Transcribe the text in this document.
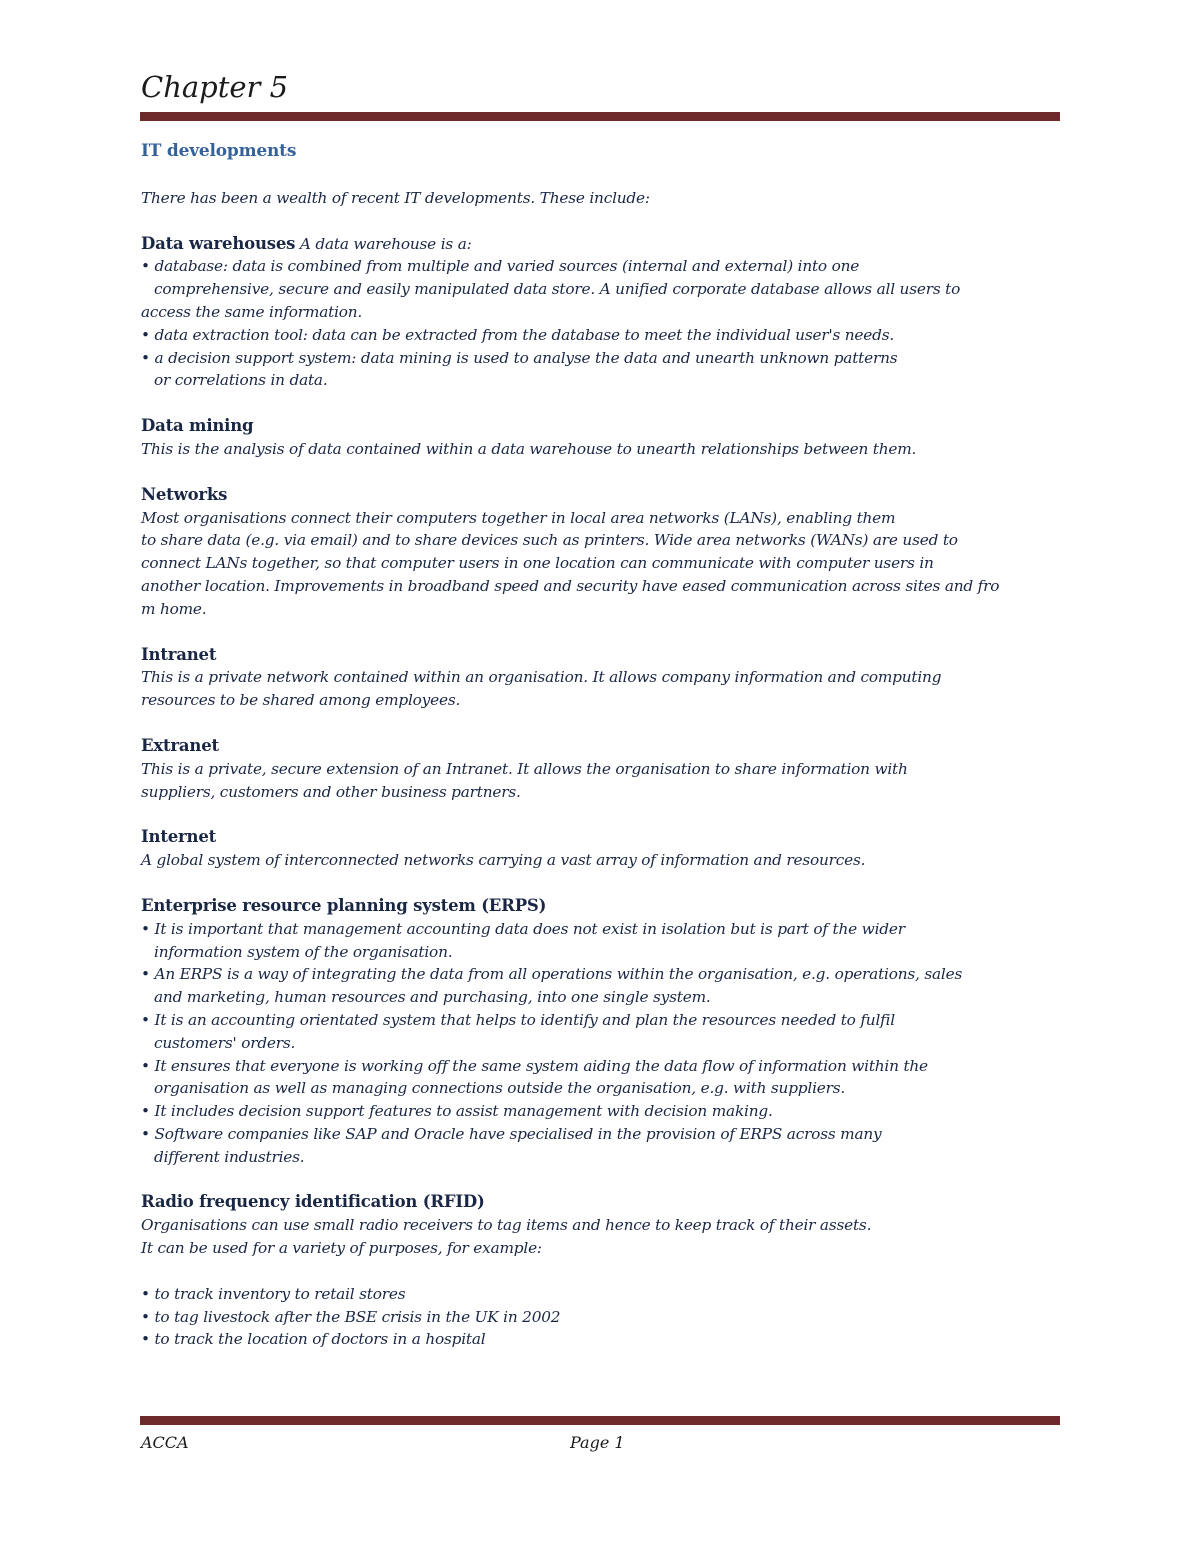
Chapter 5
IT developments
There has been a wealth of recent IT developments. These include:
Data warehouses A data warehouse is a:
• database: data is combined from multiple and varied sources (internal and external) into one
comprehensive, secure and easily manipulated data store. A unified corporate database allows all users to
access the same information.
• data extraction tool: data can be extracted from the database to meet the individual user's needs.
• a decision support system: data mining is used to analyse the data and unearth unknown patterns
or correlations in data.
Data mining
This is the analysis of data contained within a data warehouse to unearth relationships between them.
Networks
Most organisations connect their computers together in local area networks (LANs), enabling them
to share data (e.g. via email) and to share devices such as printers. Wide area networks (WANs) are used to
connect LANs together, so that computer users in one location can communicate with computer users in
another location. Improvements in broadband speed and security have eased communication across sites and fro
m home.
Intranet
This is a private network contained within an organisation. It allows company information and computing
resources to be shared among employees.
Extranet
This is a private, secure extension of an Intranet. It allows the organisation to share information with
suppliers, customers and other business partners.
Internet
A global system of interconnected networks carrying a vast array of information and resources.
Enterprise resource planning system (ERPS)
• It is important that management accounting data does not exist in isolation but is part of the wider
information system of the organisation.
• An ERPS is a way of integrating the data from all operations within the organisation, e.g. operations, sales
and marketing, human resources and purchasing, into one single system.
• It is an accounting orientated system that helps to identify and plan the resources needed to fulfil
customers' orders.
• It ensures that everyone is working off the same system aiding the data flow of information within the
organisation as well as managing connections outside the organisation, e.g. with suppliers.
• It includes decision support features to assist management with decision making.
• Software companies like SAP and Oracle have specialised in the provision of ERPS across many
different industries.
Radio frequency identification (RFID)
Organisations can use small radio receivers to tag items and hence to keep track of their assets.
It can be used for a variety of purposes, for example:
• to track inventory to retail stores
• to tag livestock after the BSE crisis in the UK in 2002
• to track the location of doctors in a hospital
ACCA	Page 1
